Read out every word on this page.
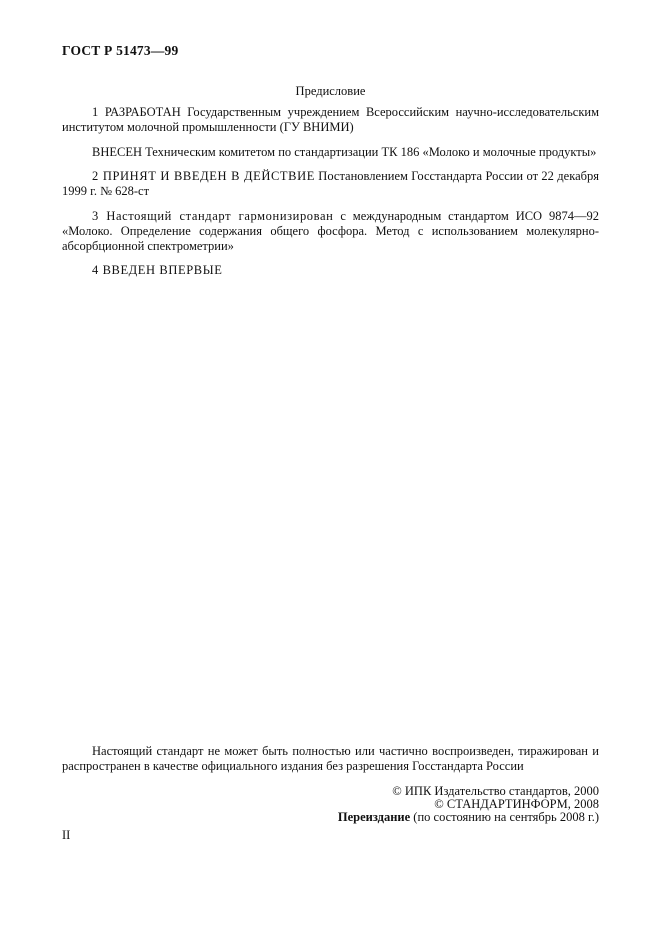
ГОСТ Р 51473—99
Предисловие
1 РАЗРАБОТАН Государственным учреждением Всероссийским научно-исследовательским институтом молочной промышленности (ГУ ВНИМИ)
ВНЕСЕН Техническим комитетом по стандартизации ТК 186 «Молоко и молочные продукты»
2 ПРИНЯТ И ВВЕДЕН В ДЕЙСТВИЕ Постановлением Госстандарта России от 22 декабря 1999 г. № 628-ст
3 Настоящий стандарт гармонизирован с международным стандартом ИСО 9874—92 «Молоко. Определение содержания общего фосфора. Метод с использованием молекулярно-абсорбционной спектрометрии»
4 ВВЕДЕН ВПЕРВЫЕ
Настоящий стандарт не может быть полностью или частично воспроизведен, тиражирован и распространен в качестве официального издания без разрешения Госстандарта России
© ИПК Издательство стандартов, 2000
© СТАНДАРТИНФОРМ, 2008
Переиздание (по состоянию на сентябрь 2008 г.)
II
